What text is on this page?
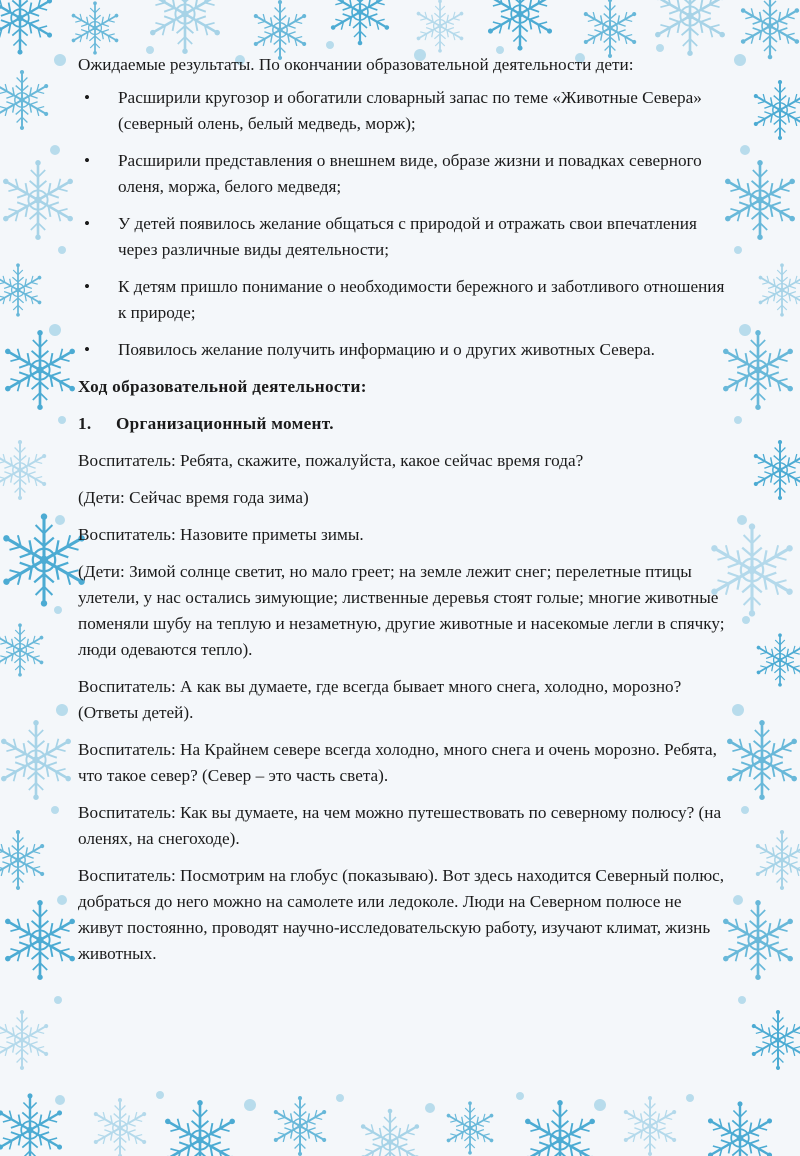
Ожидаемые результаты. По окончании образовательной деятельности дети:

• Расширили кругозор и обогатили словарный запас по теме «Животные Севера» (северный олень, белый медведь, морж);
• Расширили представления о внешнем виде, образе жизни и повадках северного оленя, моржа, белого медведя;
• У детей появилось желание общаться с природой и отражать свои впечатления через различные виды деятельности;
• К детям пришло понимание о необходимости бережного и заботливого отношения к природе;
• Появилось желание получить информацию и о других животных Севера.

Ход образовательной деятельности:

1. Организационный момент.

Воспитатель: Ребята, скажите, пожалуйста, какое сейчас время года?

(Дети: Сейчас время года зима)

Воспитатель: Назовите приметы зимы.

(Дети: Зимой солнце светит, но мало греет; на земле лежит снег; перелетные птицы улетели, у нас остались зимующие; лиственные деревья стоят голые; многие животные поменяли шубу на теплую и незаметную, другие животные и насекомые легли в спячку; люди одеваются тепло).

Воспитатель: А как вы думаете, где всегда бывает много снега, холодно, морозно?(Ответы детей).

Воспитатель: На Крайнем севере всегда холодно, много снега и очень морозно. Ребята, что такое север? (Север – это часть света).

Воспитатель: Как вы думаете, на чем можно путешествовать по северному полюсу? (на оленях, на снегоходе).

Воспитатель: Посмотрим на глобус (показываю). Вот здесь находится Северный полюс, добраться до него можно на самолете или ледоколе. Люди на Северном полюсе не живут постоянно, проводят научно-исследовательскую работу, изучают климат, жизнь животных.
